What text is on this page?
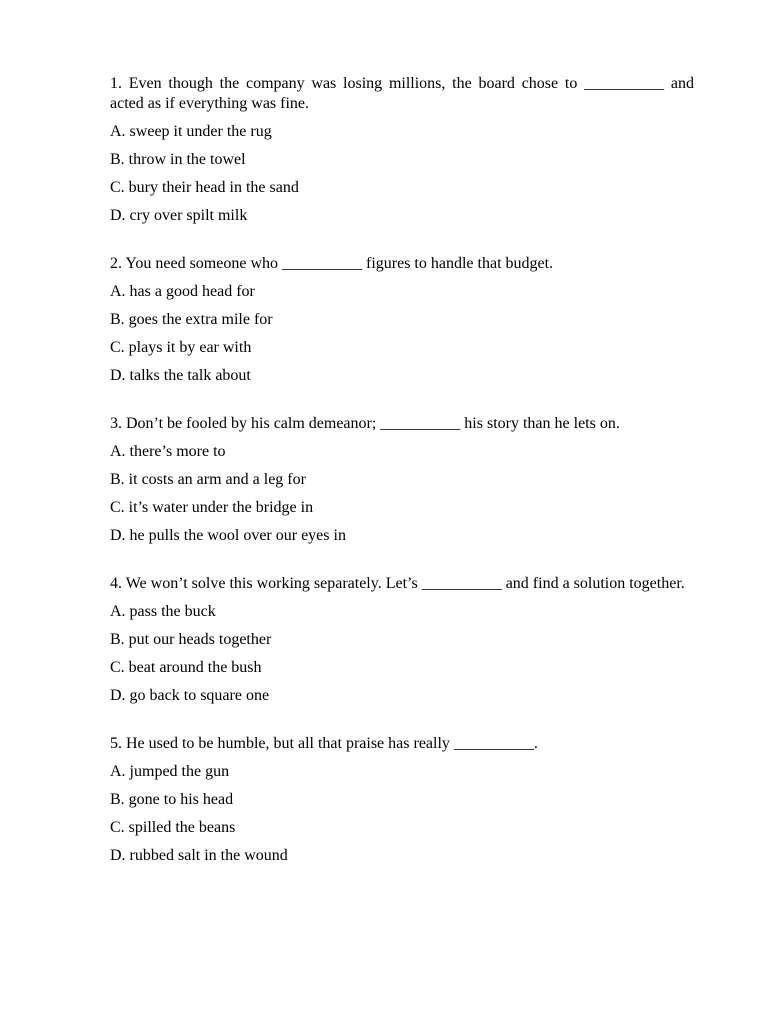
1. Even though the company was losing millions, the board chose to __________ and acted as if everything was fine.

A. sweep it under the rug

B. throw in the towel

C. bury their head in the sand

D. cry over spilt milk

2. You need someone who __________ figures to handle that budget.

A. has a good head for

B. goes the extra mile for

C. plays it by ear with

D. talks the talk about

3. Don’t be fooled by his calm demeanor; __________ his story than he lets on.

A. there’s more to

B. it costs an arm and a leg for

C. it’s water under the bridge in

D. he pulls the wool over our eyes in

4. We won’t solve this working separately. Let’s __________ and find a solution together.

A. pass the buck

B. put our heads together

C. beat around the bush

D. go back to square one

5. He used to be humble, but all that praise has really __________.

A. jumped the gun

B. gone to his head

C. spilled the beans

D. rubbed salt in the wound
